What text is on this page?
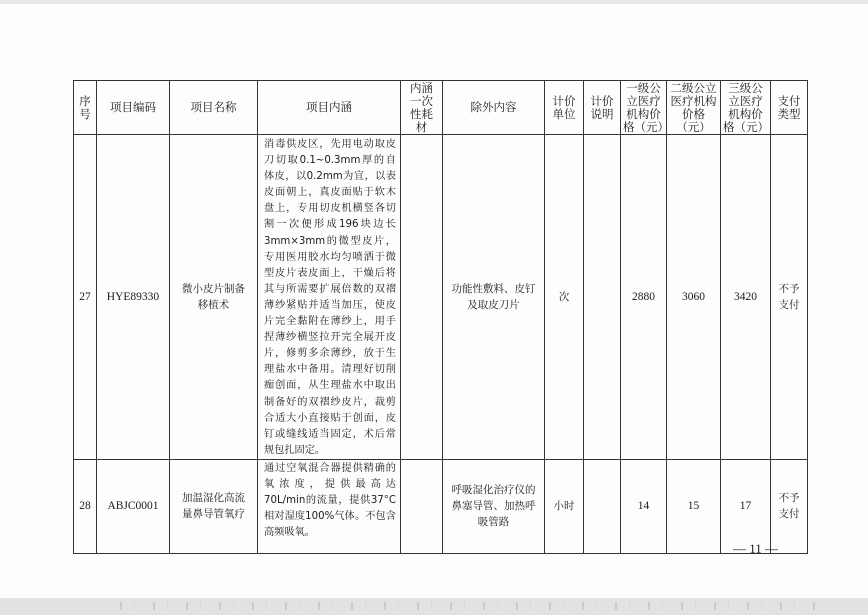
序号	项目编码	项目名称	项目内涵	内涵一次性耗材	除外内容	计价单位	计价说明	一级公立医疗机构价格（元）	二级公立医疗机构价格（元）	三级公立医疗机构价格（元）	支付类型
27	HYE89330	微小皮片制备移植术	消毒供皮区，先用电动取皮刀切取0.1~0.3mm厚的自体皮，以0.2mm为宜，以表皮面朝上，真皮面贴于软木盘上，专用切皮机横竖各切割一次便形成196块边长3mm×3mm的微型皮片，专用医用胶水均匀喷洒于微型皮片表皮面上，干燥后将其与所需要扩展倍数的双褶薄纱紧贴并适当加压，使皮片完全黏附在薄纱上，用手捏薄纱横竖拉开完全展开皮片，修剪多余薄纱，放于生理盐水中备用。清理好切削痂创面，从生理盐水中取出制备好的双褶纱皮片，裁剪合适大小直接贴于创面，皮钉或缝线适当固定，术后常规包扎固定。		功能性敷料、皮钉及取皮刀片	次		2880	3060	3420	不予支付
28	ABJC0001	加温湿化高流量鼻导管氧疗	通过空氧混合器提供精确的氧浓度，提供最高达70L/min的流量，提供37°C相对湿度100%气体。不包含高频吸氧。		呼吸湿化治疗仪的鼻塞导管、加热呼吸管路	小时		14	15	17	不予支付
— 11 —
